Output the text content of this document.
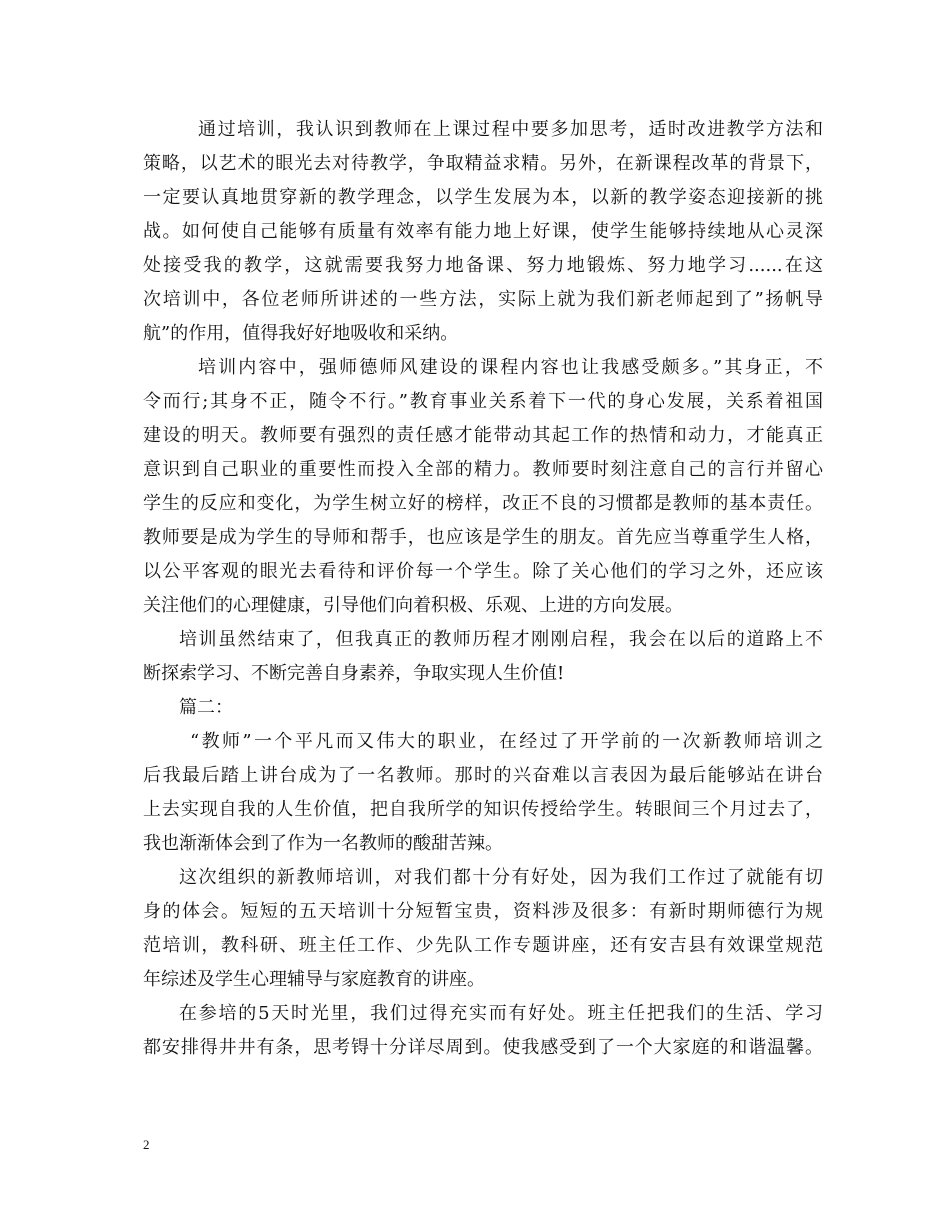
通过培训，我认识到教师在上课过程中要多加思考，适时改进教学方法和
策略，以艺术的眼光去对待教学，争取精益求精。另外，在新课程改革的背景下，
一定要认真地贯穿新的教学理念，以学生发展为本，以新的教学姿态迎接新的挑
战。如何使自己能够有质量有效率有能力地上好课，使学生能够持续地从心灵深
处接受我的教学，这就需要我努力地备课、努力地锻炼、努力地学习......在这
次培训中，各位老师所讲述的一些方法，实际上就为我们新老师起到了”扬帆导
航”的作用，值得我好好地吸收和采纳。
培训内容中，强师德师风建设的课程内容也让我感受颇多。”其身正，不
令而行;其身不正，随令不行。”教育事业关系着下一代的身心发展，关系着祖国
建设的明天。教师要有强烈的责任感才能带动其起工作的热情和动力，才能真正
意识到自己职业的重要性而投入全部的精力。教师要时刻注意自己的言行并留心
学生的反应和变化，为学生树立好的榜样，改正不良的习惯都是教师的基本责任。
教师要是成为学生的导师和帮手，也应该是学生的朋友。首先应当尊重学生人格，
以公平客观的眼光去看待和评价每一个学生。除了关心他们的学习之外，还应该
关注他们的心理健康，引导他们向着积极、乐观、上进的方向发展。
培训虽然结束了，但我真正的教师历程才刚刚启程，我会在以后的道路上不
断探索学习、不断完善自身素养，争取实现人生价值!
篇二：
“教师”一个平凡而又伟大的职业，在经过了开学前的一次新教师培训之
后我最后踏上讲台成为了一名教师。那时的兴奋难以言表因为最后能够站在讲台
上去实现自我的人生价值，把自我所学的知识传授给学生。转眼间三个月过去了，
我也渐渐体会到了作为一名教师的酸甜苦辣。
这次组织的新教师培训，对我们都十分有好处，因为我们工作过了就能有切
身的体会。短短的五天培训十分短暂宝贵，资料涉及很多：有新时期师德行为规
范培训，教科研、班主任工作、少先队工作专题讲座，还有安吉县有效课堂规范
年综述及学生心理辅导与家庭教育的讲座。
在参培的5天时光里，我们过得充实而有好处。班主任把我们的生活、学习
都安排得井井有条，思考锝十分详尽周到。使我感受到了一个大家庭的和谐温馨。
2
